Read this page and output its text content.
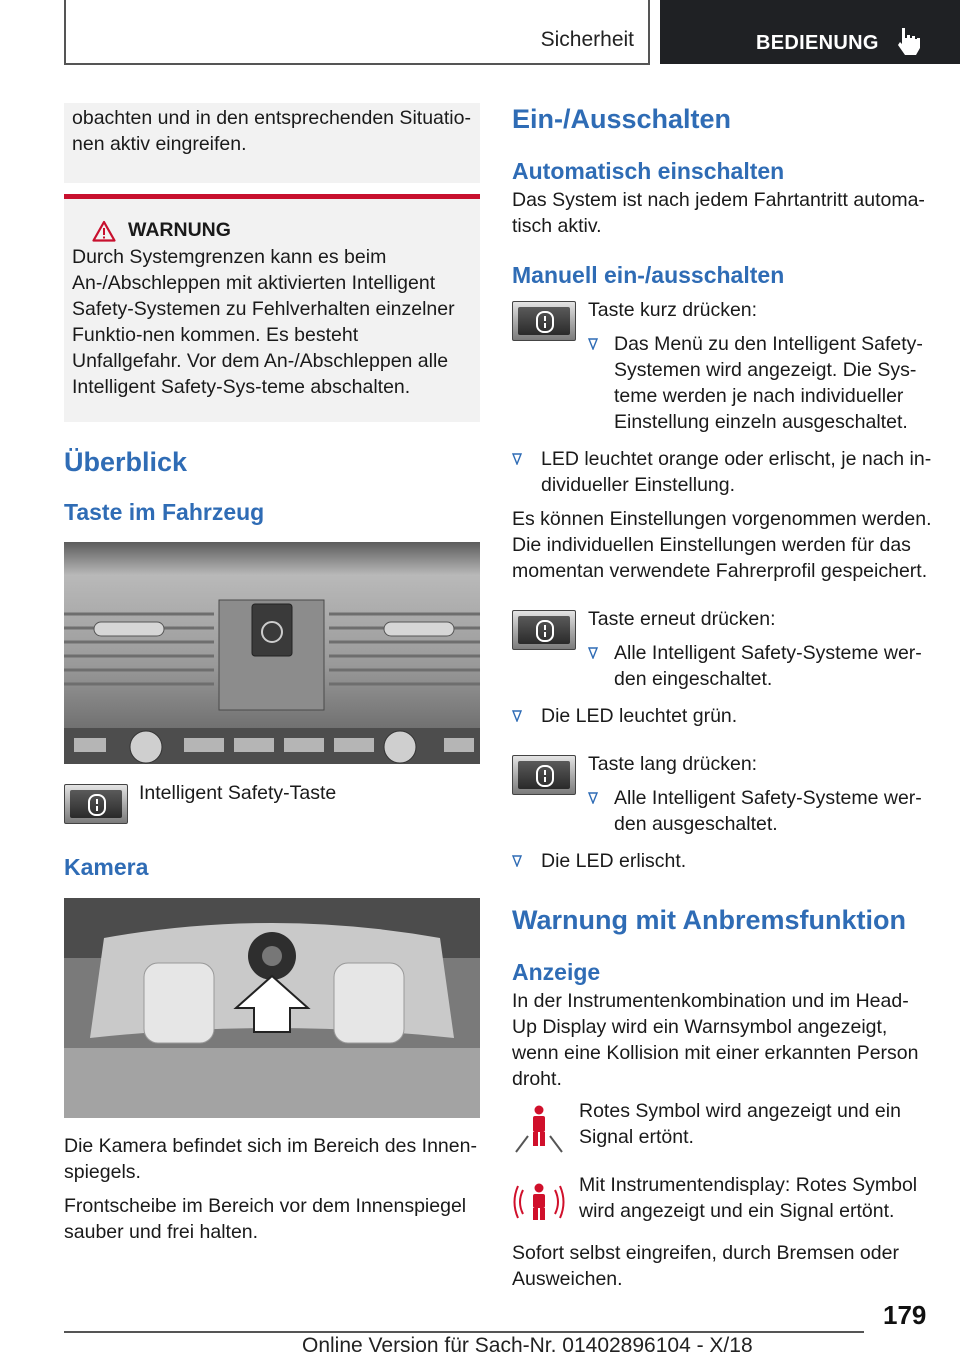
Sicherheit	BEDIENUNG

obachten und in den entsprechenden Situatio-nen aktiv eingreifen.

WARNUNG

Durch Systemgrenzen kann es beim An-/Abschleppen mit aktivierten Intelligent Safety-Systemen zu Fehlverhalten einzelner Funktio-nen kommen. Es besteht Unfallgefahr. Vor dem An-/Abschleppen alle Intelligent Safety-Sys-teme abschalten.

Überblick
Taste im Fahrzeug

Intelligent Safety-Taste

Kamera

Die Kamera befindet sich im Bereich des Innen-spiegels.

Frontscheibe im Bereich vor dem Innenspiegel sauber und frei halten.

Ein-/Ausschalten
Automatisch einschalten

Das System ist nach jedem Fahrtantritt automa-tisch aktiv.

Manuell ein-/ausschalten

Taste kurz drücken:

Das Menü zu den Intelligent Safety-Systemen wird angezeigt. Die Sys-teme werden je nach individueller Einstellung einzeln ausgeschaltet.
LED leuchtet orange oder erlischt, je nach in-dividueller Einstellung.

Es können Einstellungen vorgenommen werden. Die individuellen Einstellungen werden für das momentan verwendete Fahrerprofil gespeichert.

Taste erneut drücken:

Alle Intelligent Safety-Systeme wer-den eingeschaltet.
Die LED leuchtet grün.

Taste lang drücken:

Alle Intelligent Safety-Systeme wer-den ausgeschaltet.
Die LED erlischt.
Warnung mit Anbremsfunktion
Anzeige

In der Instrumentenkombination und im Head-Up Display wird ein Warnsymbol angezeigt, wenn eine Kollision mit einer erkannten Person droht.

Rotes Symbol wird angezeigt und ein Signal ertönt.

Mit Instrumentendisplay: Rotes Symbol wird angezeigt und ein Signal ertönt.

Sofort selbst eingreifen, durch Bremsen oder Ausweichen.

179
Online Version für Sach-Nr. 01402896104 - X/18
